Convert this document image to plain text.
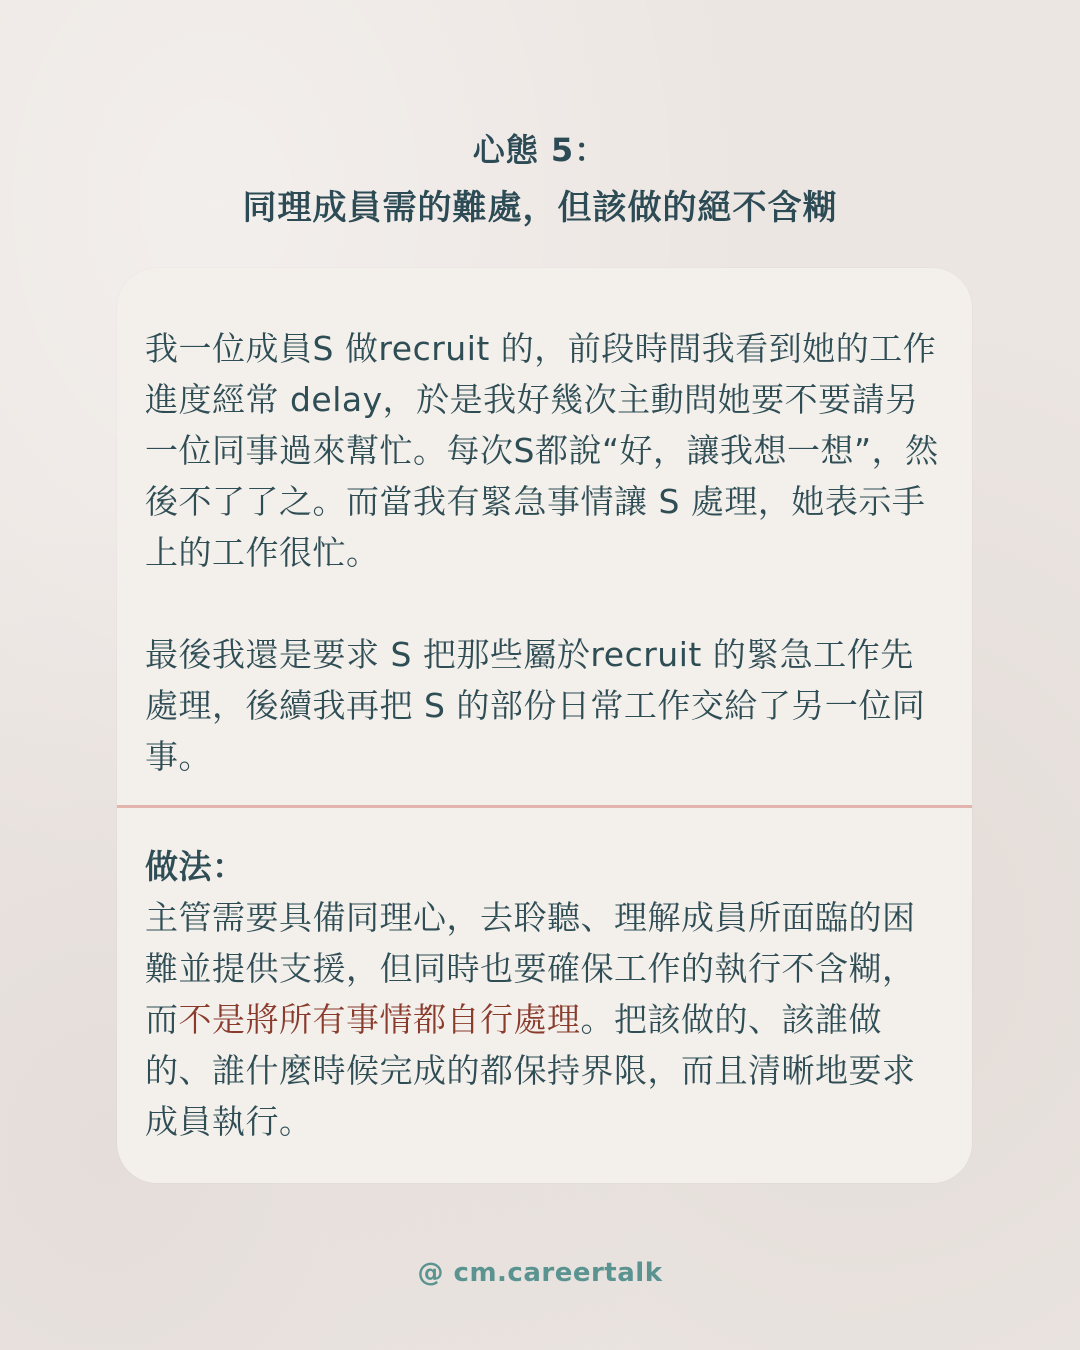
心態 5：
同理成員需的難處，但該做的絕不含糊

我一位成員S 做recruit 的，前段時間我看到她的工作進度經常 delay，於是我好幾次主動問她要不要請另一位同事過來幫忙。每次S都說“好，讓我想一想”，然後不了了之。而當我有緊急事情讓 S 處理，她表示手上的工作很忙。

最後我還是要求 S 把那些屬於recruit 的緊急工作先處理，後續我再把 S 的部份日常工作交給了另一位同事。

做法：

主管需要具備同理心，去聆聽、理解成員所面臨的困難並提供支援，但同時也要確保工作的執行不含糊，而不是將所有事情都自行處理。把該做的、該誰做的、誰什麼時候完成的都保持界限，而且清晰地要求成員執行。

@ cm.careertalk
